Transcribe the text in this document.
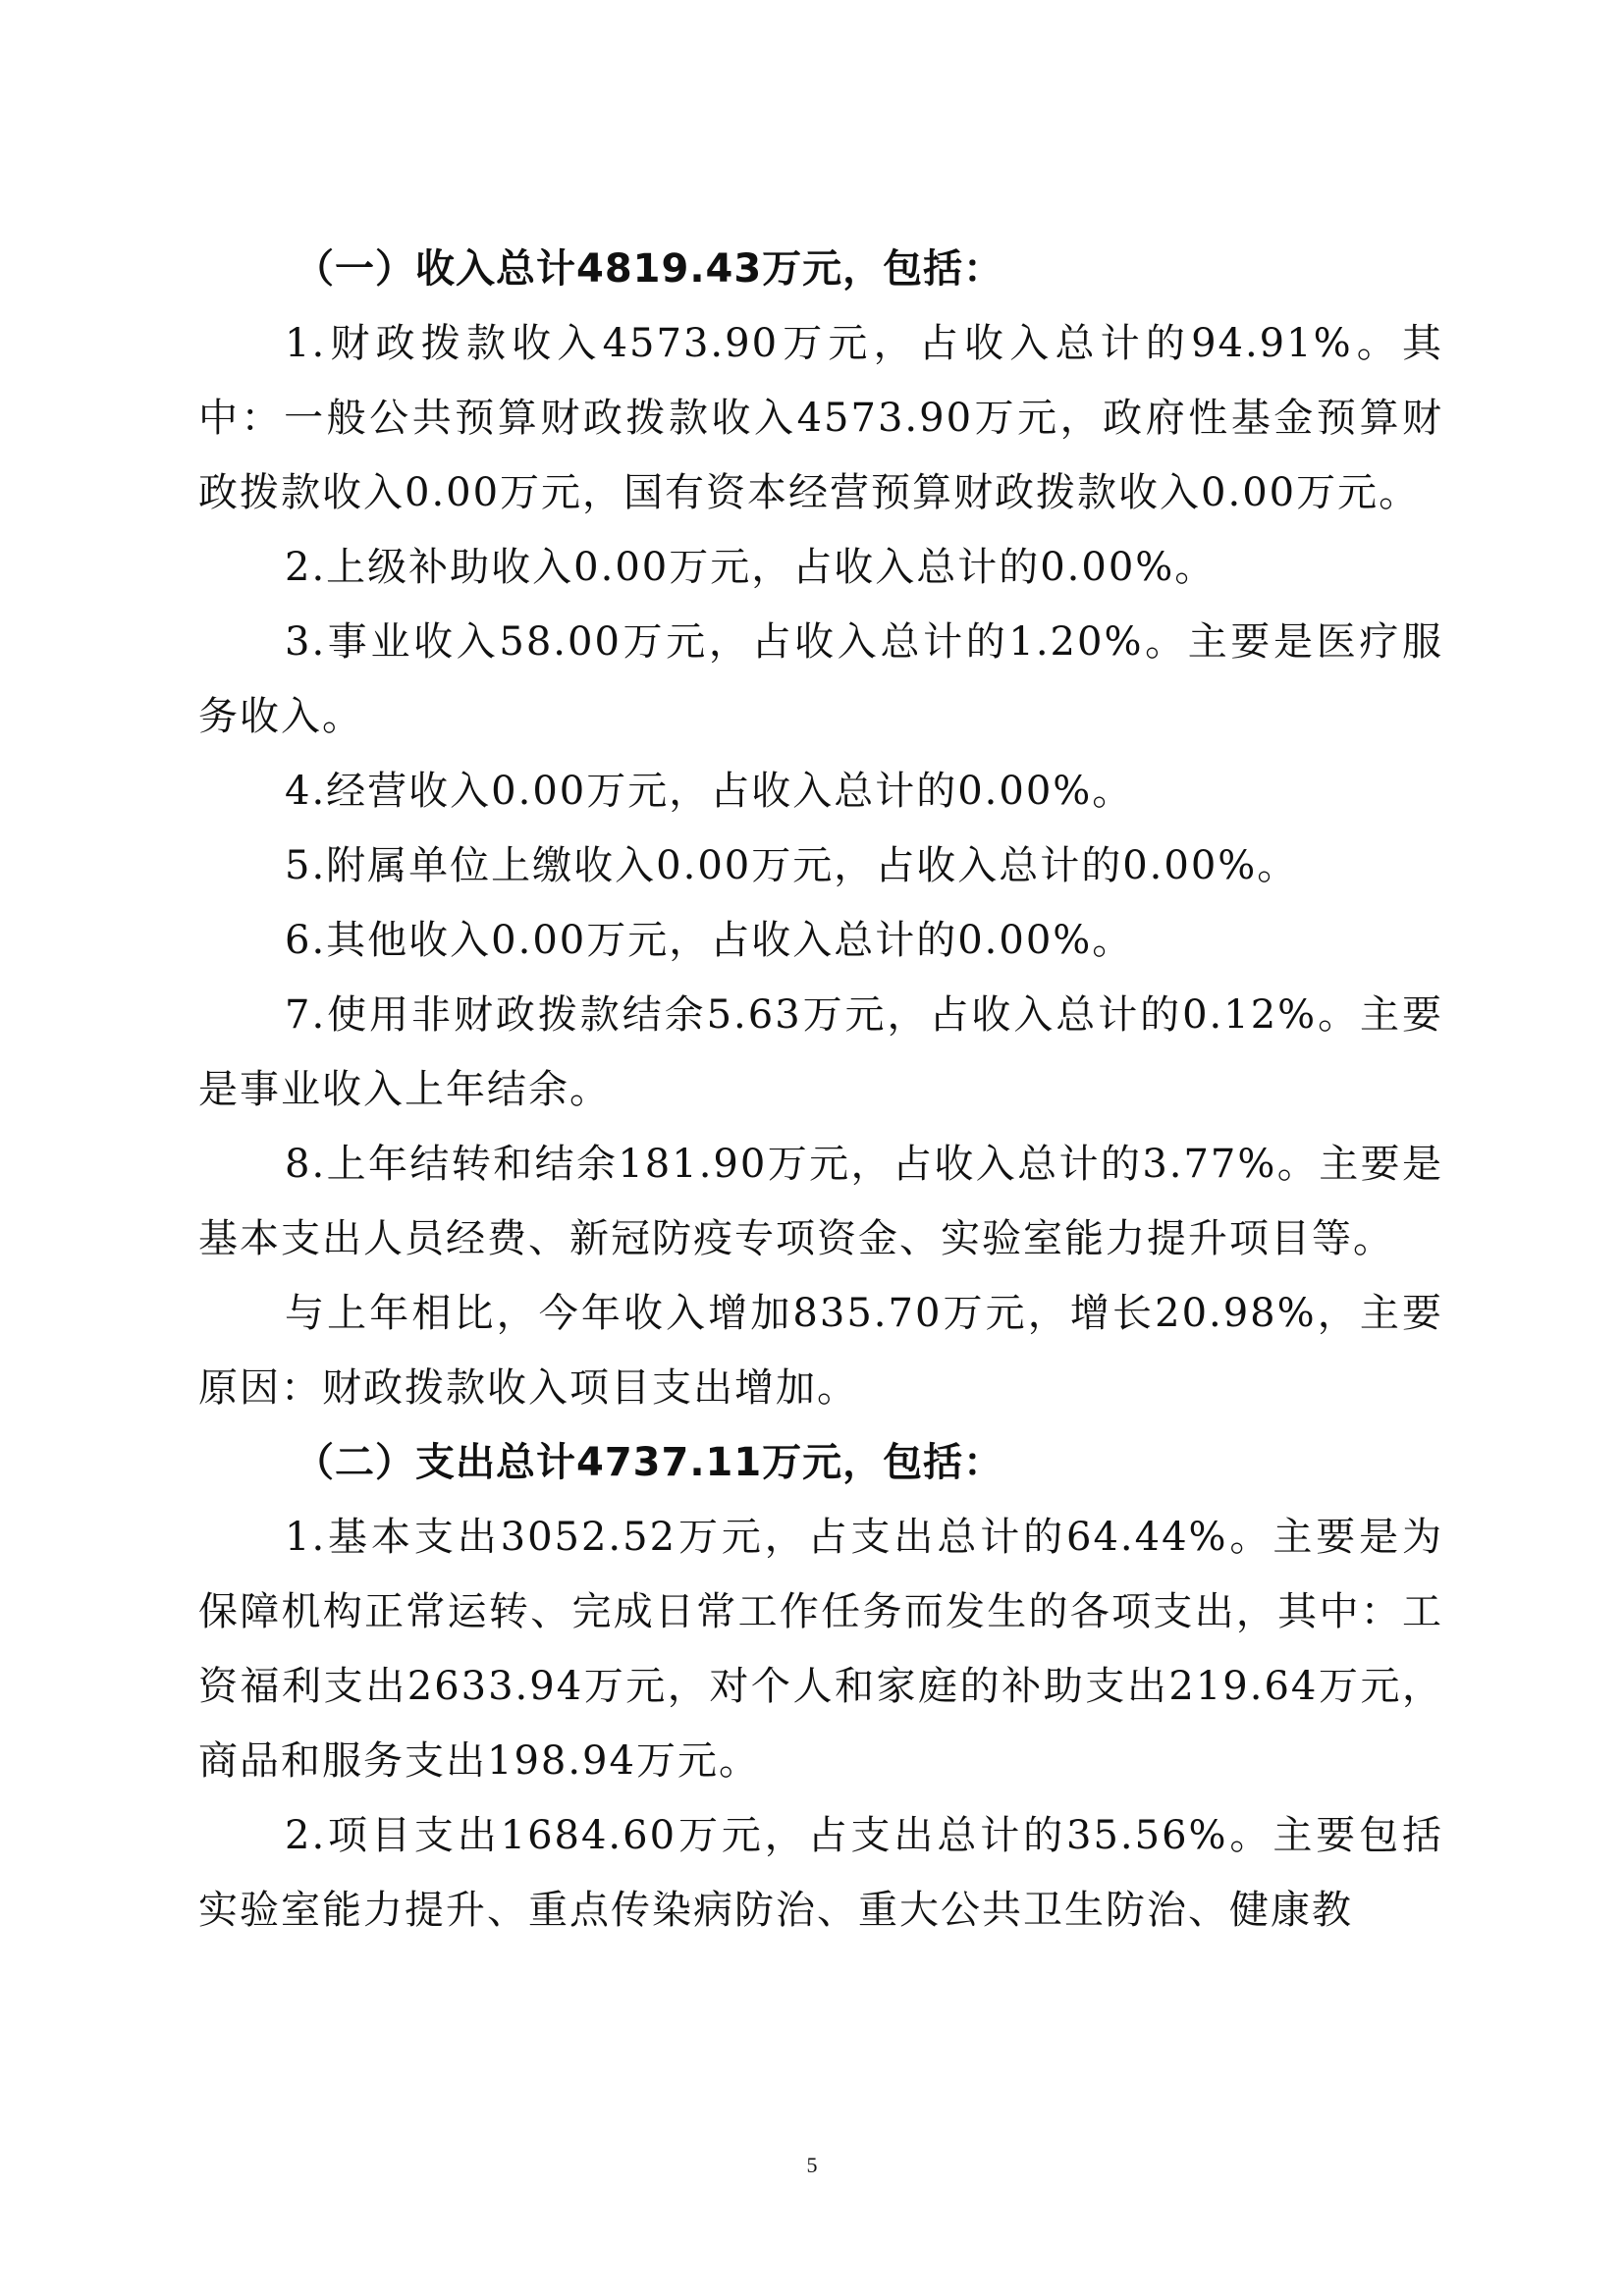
（一）收入总计4819.43万元，包括：

1.财政拨款收入4573.90万元，占收入总计的94.91%。其中：一般公共预算财政拨款收入4573.90万元，政府性基金预算财政拨款收入0.00万元，国有资本经营预算财政拨款收入0.00万元。

2.上级补助收入0.00万元，占收入总计的0.00%。

3.事业收入58.00万元，占收入总计的1.20%。主要是医疗服务收入。

4.经营收入0.00万元，占收入总计的0.00%。

5.附属单位上缴收入0.00万元，占收入总计的0.00%。

6.其他收入0.00万元，占收入总计的0.00%。

7.使用非财政拨款结余5.63万元，占收入总计的0.12%。主要是事业收入上年结余。

8.上年结转和结余181.90万元，占收入总计的3.77%。主要是基本支出人员经费、新冠防疫专项资金、实验室能力提升项目等。

与上年相比，今年收入增加835.70万元，增长20.98%，主要原因：财政拨款收入项目支出增加。

（二）支出总计4737.11万元，包括：

1.基本支出3052.52万元，占支出总计的64.44%。主要是为保障机构正常运转、完成日常工作任务而发生的各项支出，其中：工资福利支出2633.94万元，对个人和家庭的补助支出219.64万元，商品和服务支出198.94万元。

2.项目支出1684.60万元，占支出总计的35.56%。主要包括实验室能力提升、重点传染病防治、重大公共卫生防治、健康教

5
